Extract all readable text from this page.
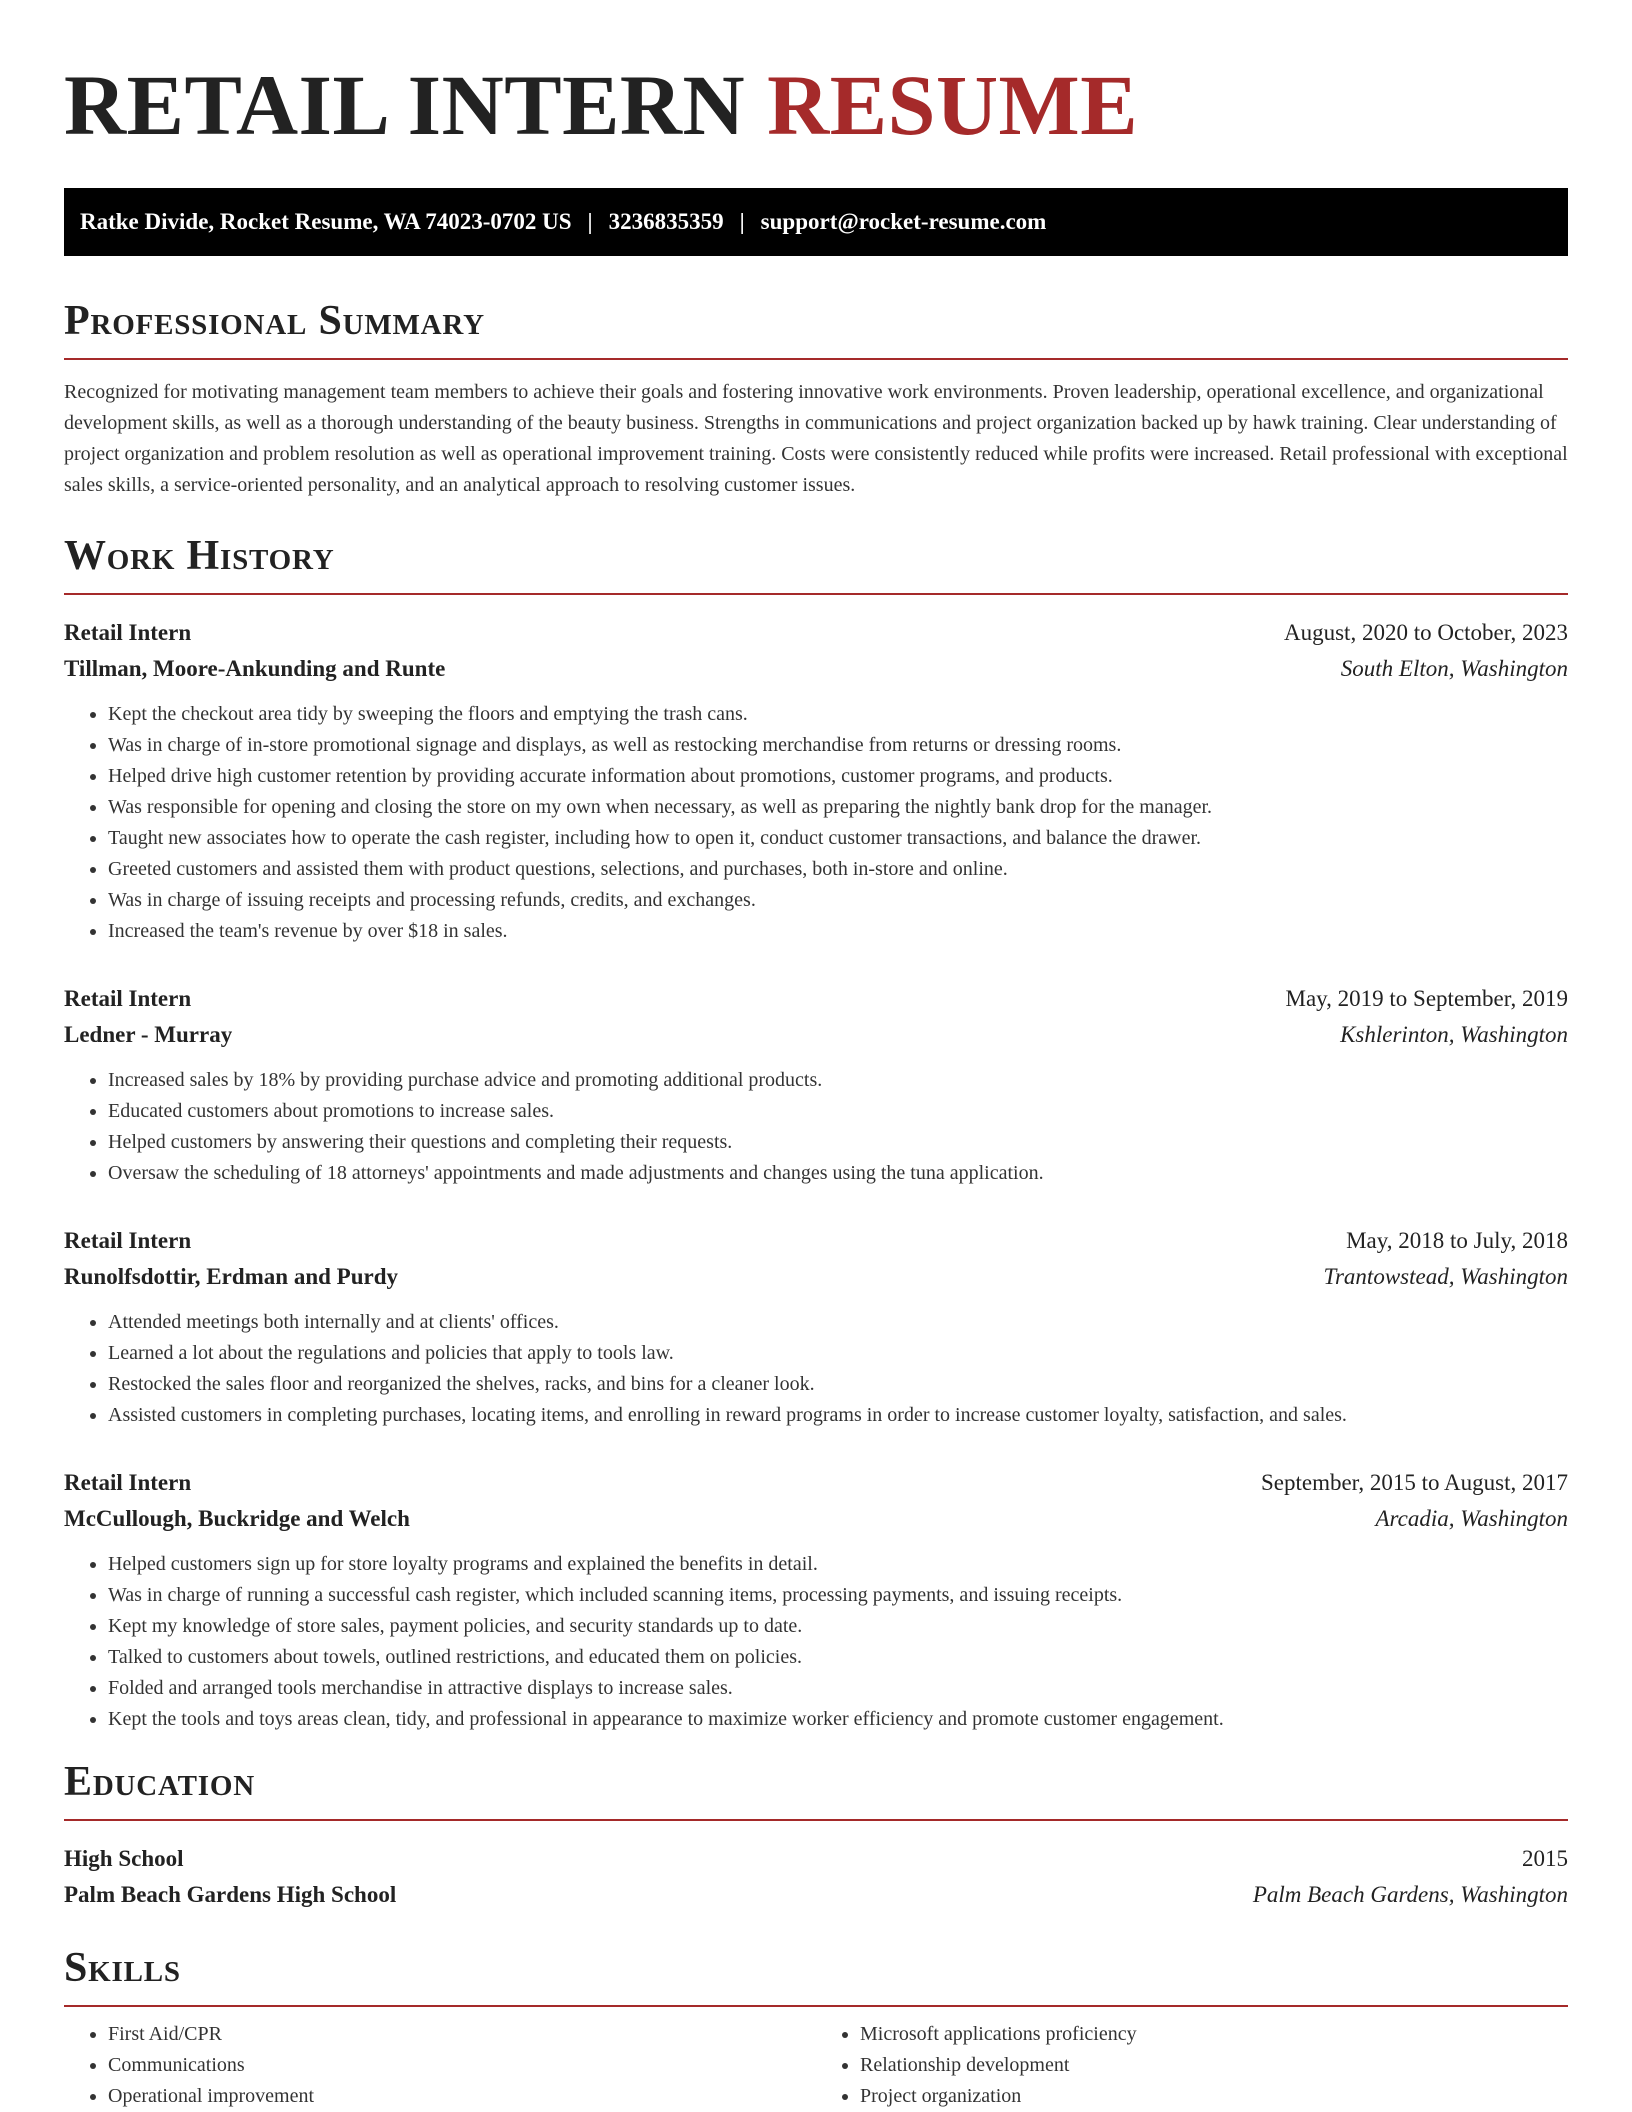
RETAIL INTERN RESUME
Ratke Divide, Rocket Resume, WA 74023-0702 US | 3236835359 | support@rocket-resume.com
Professional Summary
Recognized for motivating management team members to achieve their goals and fostering innovative work environments. Proven leadership, operational excellence, and organizational development skills, as well as a thorough understanding of the beauty business. Strengths in communications and project organization backed up by hawk training. Clear understanding of project organization and problem resolution as well as operational improvement training. Costs were consistently reduced while profits were increased. Retail professional with exceptional sales skills, a service-oriented personality, and an analytical approach to resolving customer issues.
Work History
Retail Intern	August, 2020 to October, 2023
Tillman, Moore-Ankunding and Runte	South Elton, Washington
• Kept the checkout area tidy by sweeping the floors and emptying the trash cans.
• Was in charge of in-store promotional signage and displays, as well as restocking merchandise from returns or dressing rooms.
• Helped drive high customer retention by providing accurate information about promotions, customer programs, and products.
• Was responsible for opening and closing the store on my own when necessary, as well as preparing the nightly bank drop for the manager.
• Taught new associates how to operate the cash register, including how to open it, conduct customer transactions, and balance the drawer.
• Greeted customers and assisted them with product questions, selections, and purchases, both in-store and online.
• Was in charge of issuing receipts and processing refunds, credits, and exchanges.
• Increased the team's revenue by over $18 in sales.
Retail Intern	May, 2019 to September, 2019
Ledner - Murray	Kshlerinton, Washington
• Increased sales by 18% by providing purchase advice and promoting additional products.
• Educated customers about promotions to increase sales.
• Helped customers by answering their questions and completing their requests.
• Oversaw the scheduling of 18 attorneys' appointments and made adjustments and changes using the tuna application.
Retail Intern	May, 2018 to July, 2018
Runolfsdottir, Erdman and Purdy	Trantowstead, Washington
• Attended meetings both internally and at clients' offices.
• Learned a lot about the regulations and policies that apply to tools law.
• Restocked the sales floor and reorganized the shelves, racks, and bins for a cleaner look.
• Assisted customers in completing purchases, locating items, and enrolling in reward programs in order to increase customer loyalty, satisfaction, and sales.
Retail Intern	September, 2015 to August, 2017
McCullough, Buckridge and Welch	Arcadia, Washington
• Helped customers sign up for store loyalty programs and explained the benefits in detail.
• Was in charge of running a successful cash register, which included scanning items, processing payments, and issuing receipts.
• Kept my knowledge of store sales, payment policies, and security standards up to date.
• Talked to customers about towels, outlined restrictions, and educated them on policies.
• Folded and arranged tools merchandise in attractive displays to increase sales.
• Kept the tools and toys areas clean, tidy, and professional in appearance to maximize worker efficiency and promote customer engagement.
Education
High School	2015
Palm Beach Gardens High School	Palm Beach Gardens, Washington
Skills
• First Aid/CPR
• Communications
• Operational improvement
• Microsoft applications proficiency
• Relationship development
• Project organization
